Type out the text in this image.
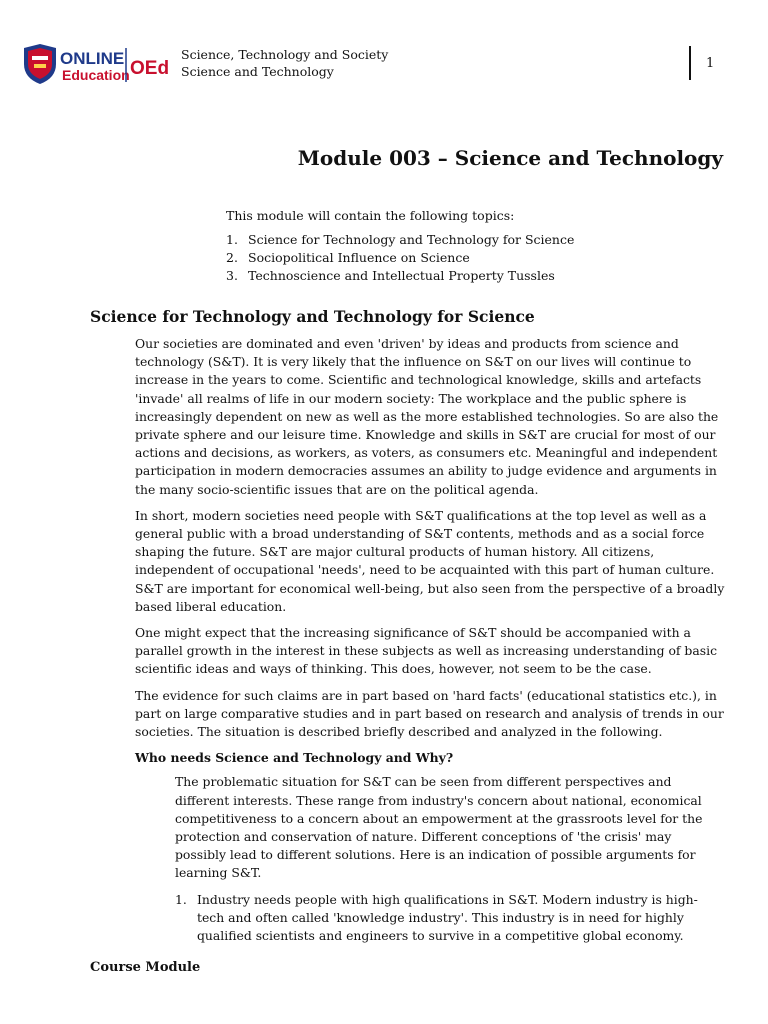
ONLINE
Education OEd
Science, Technology and Society
Science and Technology
1
Module 003 – Science and Technology

This module will contain the following topics:

1. Science for Technology and Technology for Science
2. Sociopolitical Influence on Science
3. Technoscience and Intellectual Property Tussles
Science for Technology and Technology for Science

Our societies are dominated and even 'driven' by ideas and products from science and technology (S&T). It is very likely that the influence on S&T on our lives will continue to increase in the years to come. Scientific and technological knowledge, skills and artefacts 'invade' all realms of life in our modern society: The workplace and the public sphere is increasingly dependent on new as well as the more established technologies. So are also the private sphere and our leisure time. Knowledge and skills in S&T are crucial for most of our actions and decisions, as workers, as voters, as consumers etc. Meaningful and independent participation in modern democracies assumes an ability to judge evidence and arguments in the many socio-scientific issues that are on the political agenda.

In short, modern societies need people with S&T qualifications at the top level as well as a general public with a broad understanding of S&T contents, methods and as a social force shaping the future. S&T are major cultural products of human history. All citizens, independent of occupational 'needs', need to be acquainted with this part of human culture. S&T are important for economical well-being, but also seen from the perspective of a broadly based liberal education.

One might expect that the increasing significance of S&T should be accompanied with a parallel growth in the interest in these subjects as well as increasing understanding of basic scientific ideas and ways of thinking. This does, however, not seem to be the case.

The evidence for such claims are in part based on 'hard facts' (educational statistics etc.), in part on large comparative studies and in part based on research and analysis of trends in our societies. The situation is described briefly described and analyzed in the following.

Who needs Science and Technology and Why?

The problematic situation for S&T can be seen from different perspectives and different interests. These range from industry's concern about national, economical competitiveness to a concern about an empowerment at the grassroots level for the protection and conservation of nature. Different conceptions of 'the crisis' may possibly lead to different solutions. Here is an indication of possible arguments for learning S&T.

1. Industry needs people with high qualifications in S&T. Modern industry is high-tech and often called 'knowledge industry'. This industry is in need for highly qualified scientists and engineers to survive in a competitive global economy.
Course Module
